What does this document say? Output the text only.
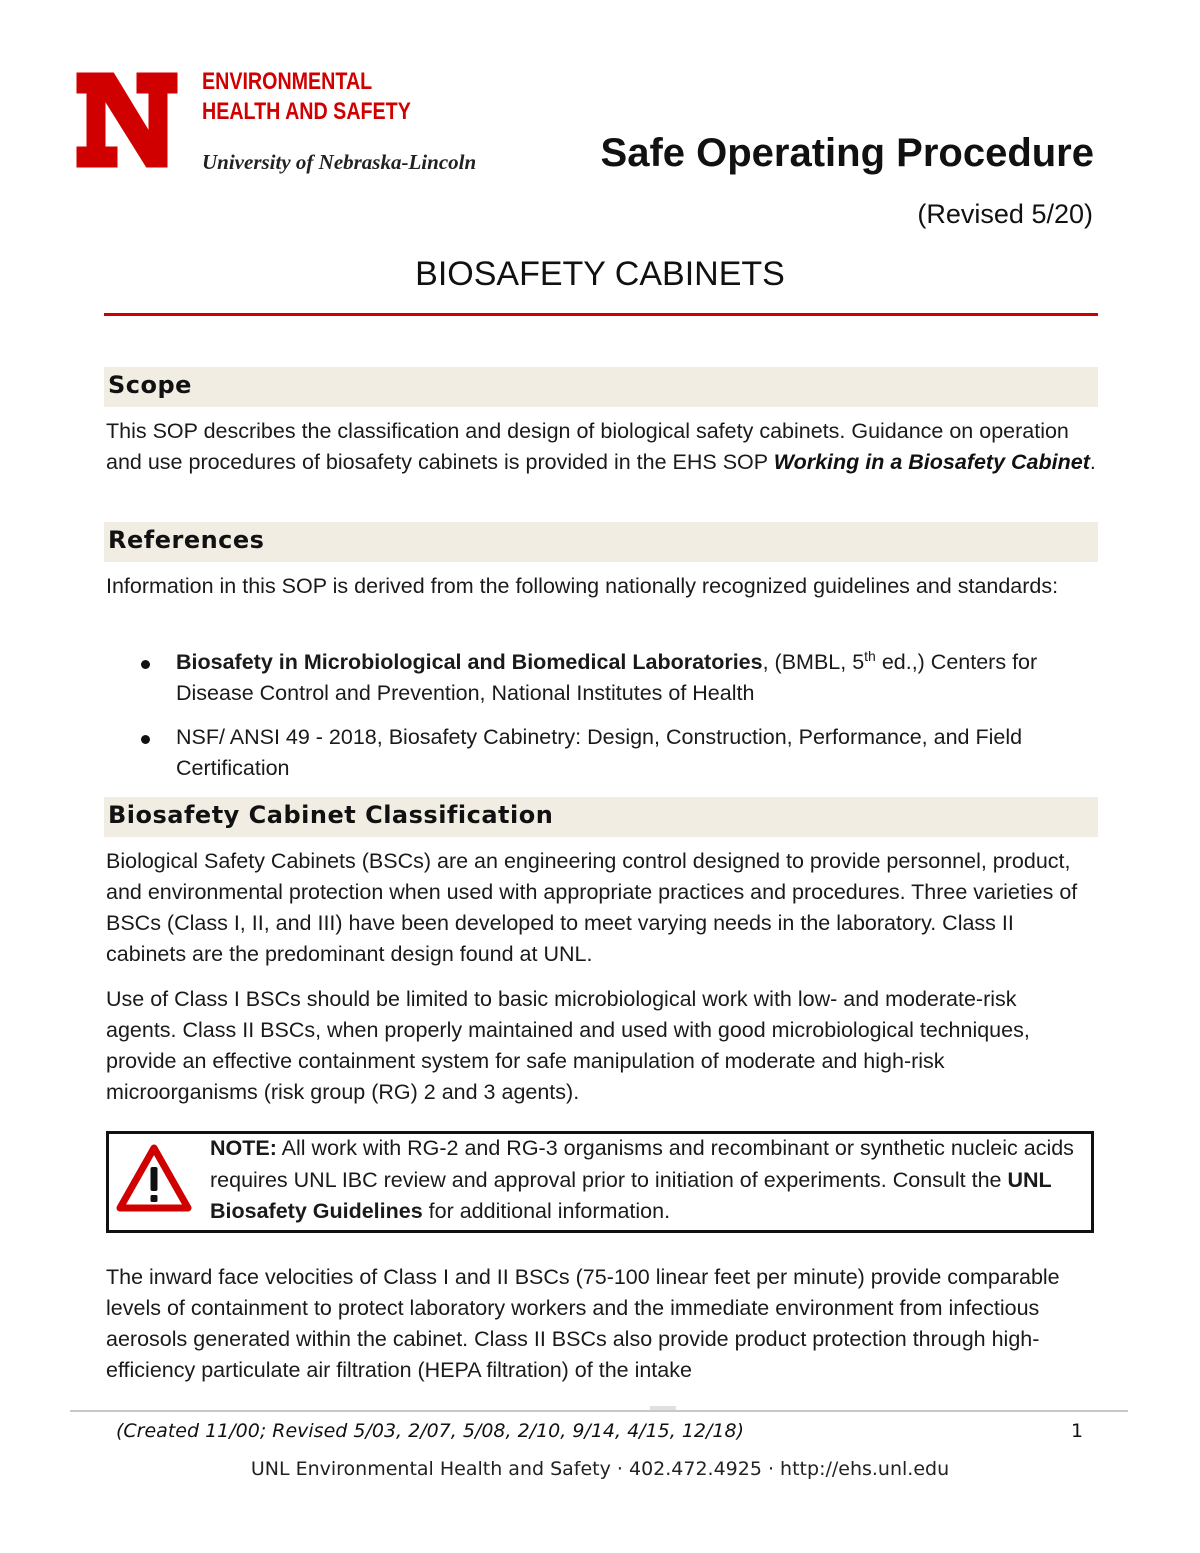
ENVIRONMENTAL
HEALTH AND SAFETY
University of Nebraska-Lincoln	Safe Operating Procedure
(Revised 5/20)
BIOSAFETY CABINETS
Scope
This SOP describes the classification and design of biological safety cabinets. Guidance on operation and use procedures of biosafety cabinets is provided in the EHS SOP Working in a Biosafety Cabinet.
References
Information in this SOP is derived from the following nationally recognized guidelines and standards:
Biosafety in Microbiological and Biomedical Laboratories, (BMBL, 5th ed.,) Centers for Disease Control and Prevention, National Institutes of Health
NSF/ ANSI 49 - 2018, Biosafety Cabinetry: Design, Construction, Performance, and Field Certification
Biosafety Cabinet Classification
Biological Safety Cabinets (BSCs) are an engineering control designed to provide personnel, product, and environmental protection when used with appropriate practices and procedures. Three varieties of BSCs (Class I, II, and III) have been developed to meet varying needs in the laboratory. Class II cabinets are the predominant design found at UNL.
Use of Class I BSCs should be limited to basic microbiological work with low- and moderate-risk agents. Class II BSCs, when properly maintained and used with good microbiological techniques, provide an effective containment system for safe manipulation of moderate and high-risk microorganisms (risk group (RG) 2 and 3 agents).
NOTE: All work with RG-2 and RG-3 organisms and recombinant or synthetic nucleic acids requires UNL IBC review and approval prior to initiation of experiments. Consult the UNL Biosafety Guidelines for additional information.
The inward face velocities of Class I and II BSCs (75-100 linear feet per minute) provide comparable levels of containment to protect laboratory workers and the immediate environment from infectious aerosols generated within the cabinet. Class II BSCs also provide product protection through high-efficiency particulate air filtration (HEPA filtration) of the intake
(Created 11/00; Revised 5/03, 2/07, 5/08, 2/10, 9/14, 4/15, 12/18)	1
UNL Environmental Health and Safety · 402.472.4925 · http://ehs.unl.edu
